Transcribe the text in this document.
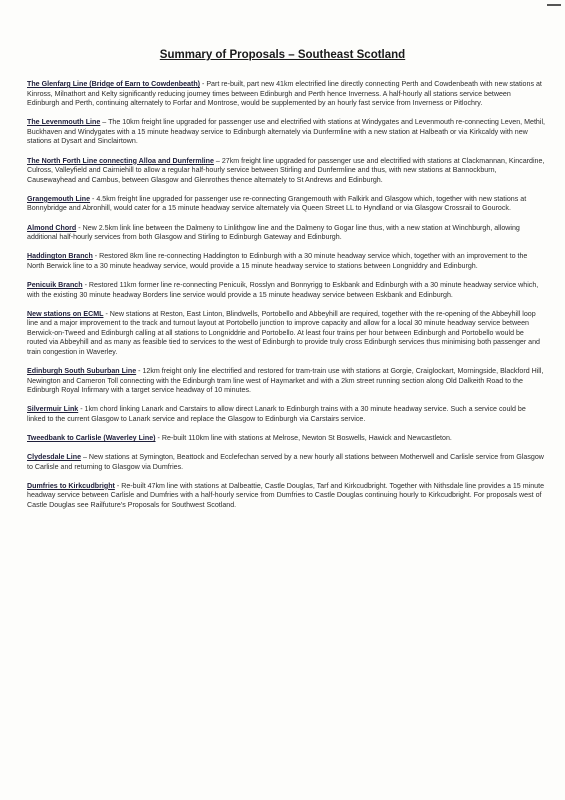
Summary of Proposals – Southeast Scotland

The Glenfarg Line (Bridge of Earn to Cowdenbeath) - Part re-built, part new 41km electrified line directly connecting Perth and Cowdenbeath with new stations at Kinross, Milnathort and Kelty significantly reducing journey times between Edinburgh and Perth hence Inverness. A half-hourly all stations service between Edinburgh and Perth, continuing alternately to Forfar and Montrose, would be supplemented by an hourly fast service from Inverness or Pitlochry.

The Levenmouth Line – The 10km freight line upgraded for passenger use and electrified with stations at Windygates and Levenmouth re-connecting Leven, Methil, Buckhaven and Windygates with a 15 minute headway service to Edinburgh alternately via Dunfermline with a new station at Halbeath or via Kirkcaldy with new stations at Dysart and Sinclairtown.

The North Forth Line connecting Alloa and Dunfermline – 27km freight line upgraded for passenger use and electrified with stations at Clackmannan, Kincardine, Culross, Valleyfield and Cairniehill to allow a regular half-hourly service between Stirling and Dunfermline and thus, with new stations at Bannockburn, Causewayhead and Cambus, between Glasgow and Glenrothes thence alternately to St Andrews and Edinburgh.

Grangemouth Line - 4.5km freight line upgraded for passenger use re-connecting Grangemouth with Falkirk and Glasgow which, together with new stations at Bonnybridge and Abronhill, would cater for a 15 minute headway service alternately via Queen Street LL to Hyndland or via Glasgow Crossrail to Gourock.

Almond Chord - New 2.5km link line between the Dalmeny to Linlithgow line and the Dalmeny to Gogar line thus, with a new station at Winchburgh, allowing additional half-hourly services from both Glasgow and Stirling to Edinburgh Gateway and Edinburgh.

Haddington Branch - Restored 8km line re-connecting Haddington to Edinburgh with a 30 minute headway service which, together with an improvement to the North Berwick line to a 30 minute headway service, would provide a 15 minute headway service to stations between Longniddry and Edinburgh.

Penicuik Branch - Restored 11km former line re-connecting Penicuik, Rosslyn and Bonnyrigg to Eskbank and Edinburgh with a 30 minute headway service which, with the existing 30 minute headway Borders line service would provide a 15 minute headway service between Eskbank and Edinburgh.

New stations on ECML - New stations at Reston, East Linton, Blindwells, Portobello and Abbeyhill are required, together with the re-opening of the Abbeyhill loop line and a major improvement to the track and turnout layout at Portobello junction to improve capacity and allow for a local 30 minute headway service between Berwick-on-Tweed and Edinburgh calling at all stations to Longniddrie and Portobello. At least four trains per hour between Edinburgh and Portobello would be routed via Abbeyhill and as many as feasible tied to services to the west of Edinburgh to provide truly cross Edinburgh services thus minimising both passenger and train congestion in Waverley.

Edinburgh South Suburban Line - 12km freight only line electrified and restored for tram-train use with stations at Gorgie, Craiglockart, Morningside, Blackford Hill, Newington and Cameron Toll connecting with the Edinburgh tram line west of Haymarket and with a 2km street running section along Old Dalkeith Road to the Edinburgh Royal Infirmary with a target service headway of 10 minutes.

Silvermuir Link - 1km chord linking Lanark and Carstairs to allow direct Lanark to Edinburgh trains with a 30 minute headway service. Such a service could be linked to the current Glasgow to Lanark service and replace the Glasgow to Edinburgh via Carstairs service.

Tweedbank to Carlisle (Waverley Line) - Re-built 110km line with stations at Melrose, Newton St Boswells, Hawick and Newcastleton.

Clydesdale Line – New stations at Symington, Beattock and Ecclefechan served by a new hourly all stations between Motherwell and Carlisle service from Glasgow to Carlisle and returning to Glasgow via Dumfries.

Dumfries to Kirkcudbright - Re-built 47km line with stations at Dalbeattie, Castle Douglas, Tarf and Kirkcudbright. Together with Nithsdale line provides a 15 minute headway service between Carlisle and Dumfries with a half-hourly service from Dumfries to Castle Douglas continuing hourly to Kirkcudbright. For proposals west of Castle Douglas see Railfuture's Proposals for Southwest Scotland.
